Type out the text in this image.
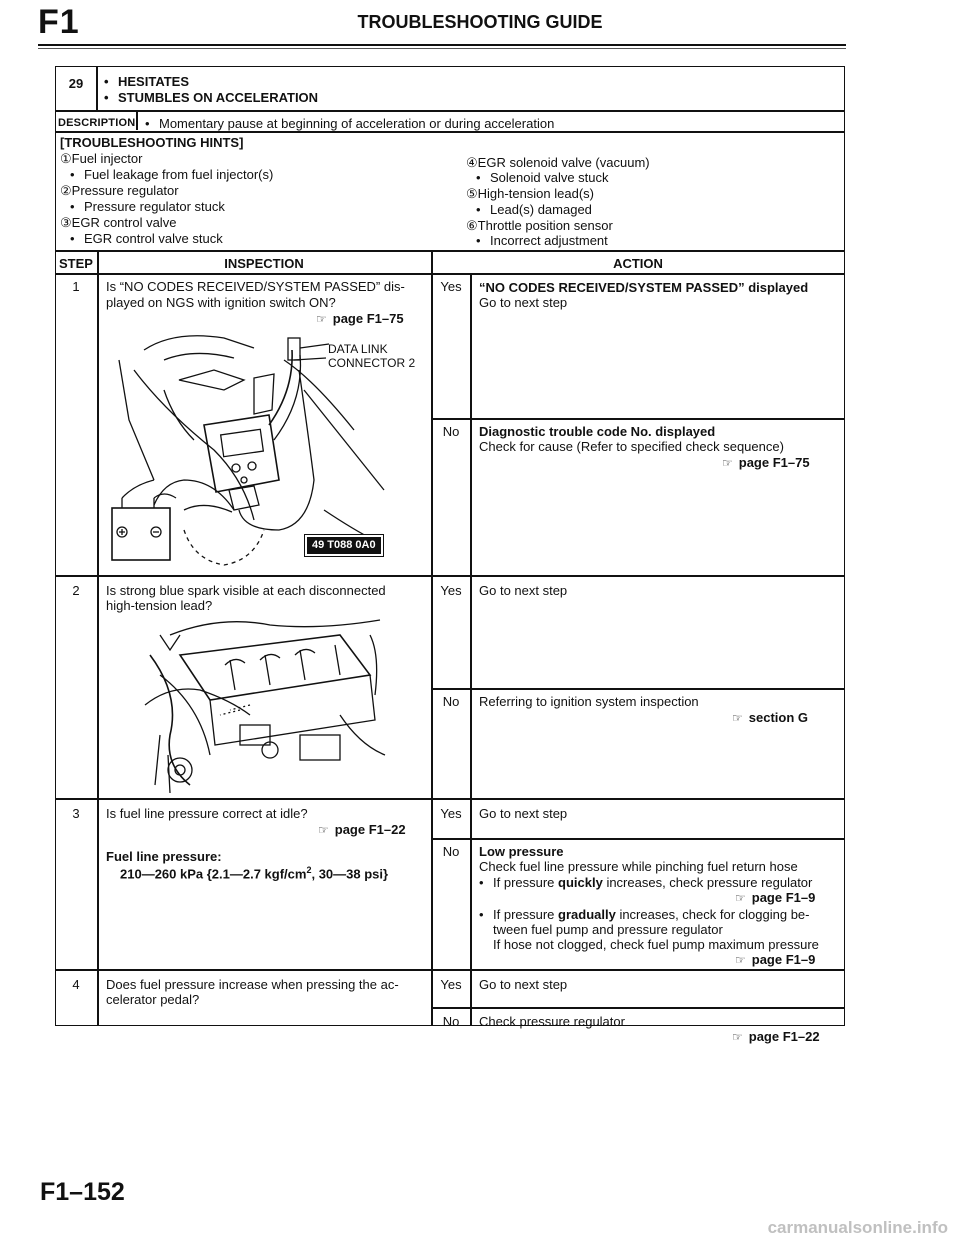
F1	TROUBLESHOOTING GUIDE
29	• HESITATES
• STUMBLES ON ACCELERATION
DESCRIPTION	• Momentary pause at beginning of acceleration or during acceleration
[TROUBLESHOOTING HINTS]
①Fuel injector
• Fuel leakage from fuel injector(s)
②Pressure regulator
• Pressure regulator stuck
③EGR control valve
• EGR control valve stuck
④EGR solenoid valve (vacuum)
• Solenoid valve stuck
⑤High-tension lead(s)
• Lead(s) damaged
⑥Throttle position sensor
• Incorrect adjustment
STEP	INSPECTION	ACTION
1	Is “NO CODES RECEIVED/SYSTEM PASSED” dis-
played on NGS with ignition switch ON?
☞ page F1–75
DATA LINK
CONNECTOR 2
49 T088 0A0
Yes	“NO CODES RECEIVED/SYSTEM PASSED” displayed
Go to next step
No	Diagnostic trouble code No. displayed
Check for cause (Refer to specified check sequence)
☞ page F1–75
2	Is strong blue spark visible at each disconnected
high-tension lead?
Yes	Go to next step
No	Referring to ignition system inspection
☞ section G
3	Is fuel line pressure correct at idle?
☞ page F1–22
Fuel line pressure:
210—260 kPa {2.1—2.7 kgf/$cm^2$, 30—38 psi}
Yes	Go to next step
No	Low pressure
Check fuel line pressure while pinching fuel return hose
• If pressure quickly increases, check pressure regulator
☞ page F1–9
• If pressure gradually increases, check for clogging be-
tween fuel pump and pressure regulator
If hose not clogged, check fuel pump maximum pressure
☞ page F1–9
4	Does fuel pressure increase when pressing the ac-
celerator pedal?
Yes	Go to next step
No	Check pressure regulator
☞ page F1–22
F1–152
carmanualsonline.info
